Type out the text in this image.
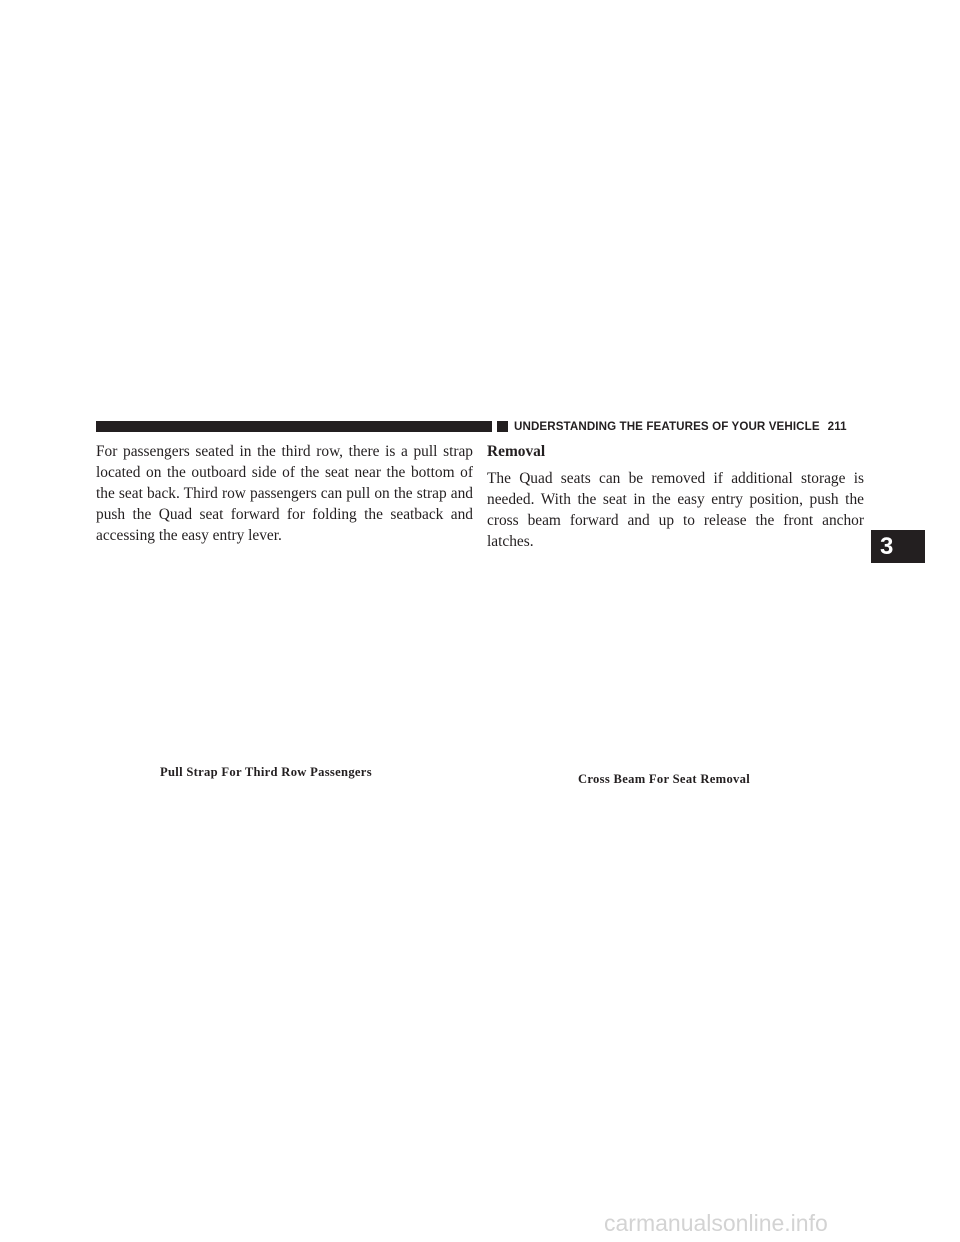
UNDERSTANDING THE FEATURES OF YOUR VEHICLE 211

For passengers seated in the third row, there is a pull strap located on the outboard side of the seat near the bottom of the seat back. Third row passengers can pull on the strap and push the Quad seat forward for folding the seatback and accessing the easy entry lever.

Removal

The Quad seats can be removed if additional storage is needed. With the seat in the easy entry position, push the cross beam forward and up to release the front anchor latches.

Pull Strap For Third Row Passengers	Cross Beam For Seat Removal
3
carmanualsonline.info
